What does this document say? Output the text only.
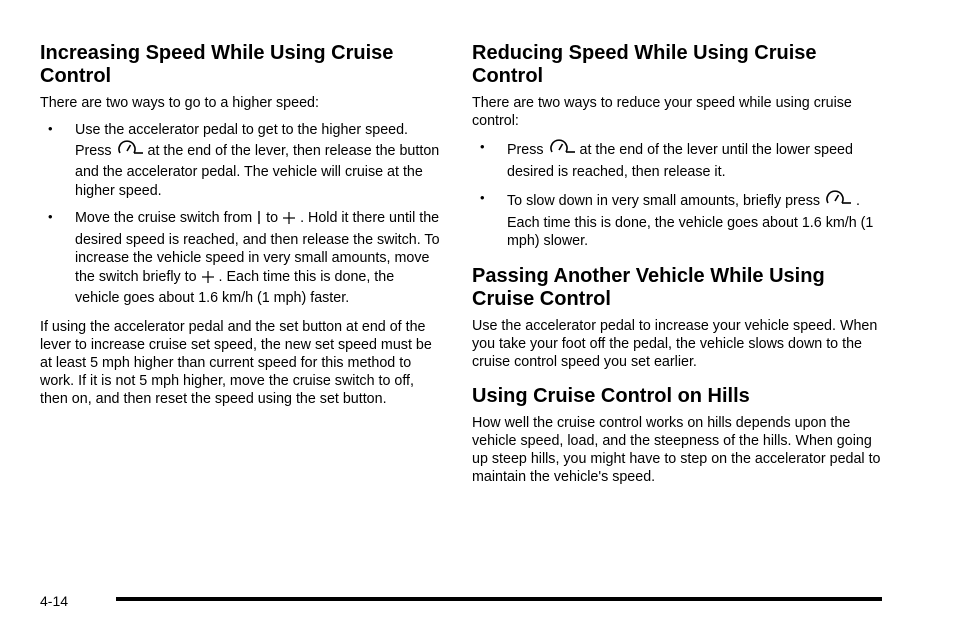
Increasing Speed While Using Cruise Control

There are two ways to go to a higher speed:

• Use the accelerator pedal to get to the higher speed. Press	at the end of the lever, then release the button and the accelerator pedal. The vehicle will cruise at the higher speed.
• Move the cruise switch from to . Hold it there until the desired speed is reached, and then release the switch. To increase the vehicle speed in very small amounts, move the switch briefly to . Each time this is done, the vehicle goes about 1.6 km/h (1 mph) faster.

If using the accelerator pedal and the set button at end of the lever to increase cruise set speed, the new set speed must be at least 5 mph higher than current speed for this method to work. If it is not 5 mph higher, move the cruise switch to off, then on, and then reset the speed using the set button.

Reducing Speed While Using Cruise Control

There are two ways to reduce your speed while using cruise control:

• Press	at the end of the lever until the lower speed desired is reached, then release it.
• To slow down in very small amounts, briefly press	. Each time this is done, the vehicle goes about 1.6 km/h (1 mph) slower.
Passing Another Vehicle While Using Cruise Control

Use the accelerator pedal to increase your vehicle speed. When you take your foot off the pedal, the vehicle slows down to the cruise control speed you set earlier.

Using Cruise Control on Hills

How well the cruise control works on hills depends upon the vehicle speed, load, and the steepness of the hills. When going up steep hills, you might have to step on the accelerator pedal to maintain the vehicle's speed.

4-14
